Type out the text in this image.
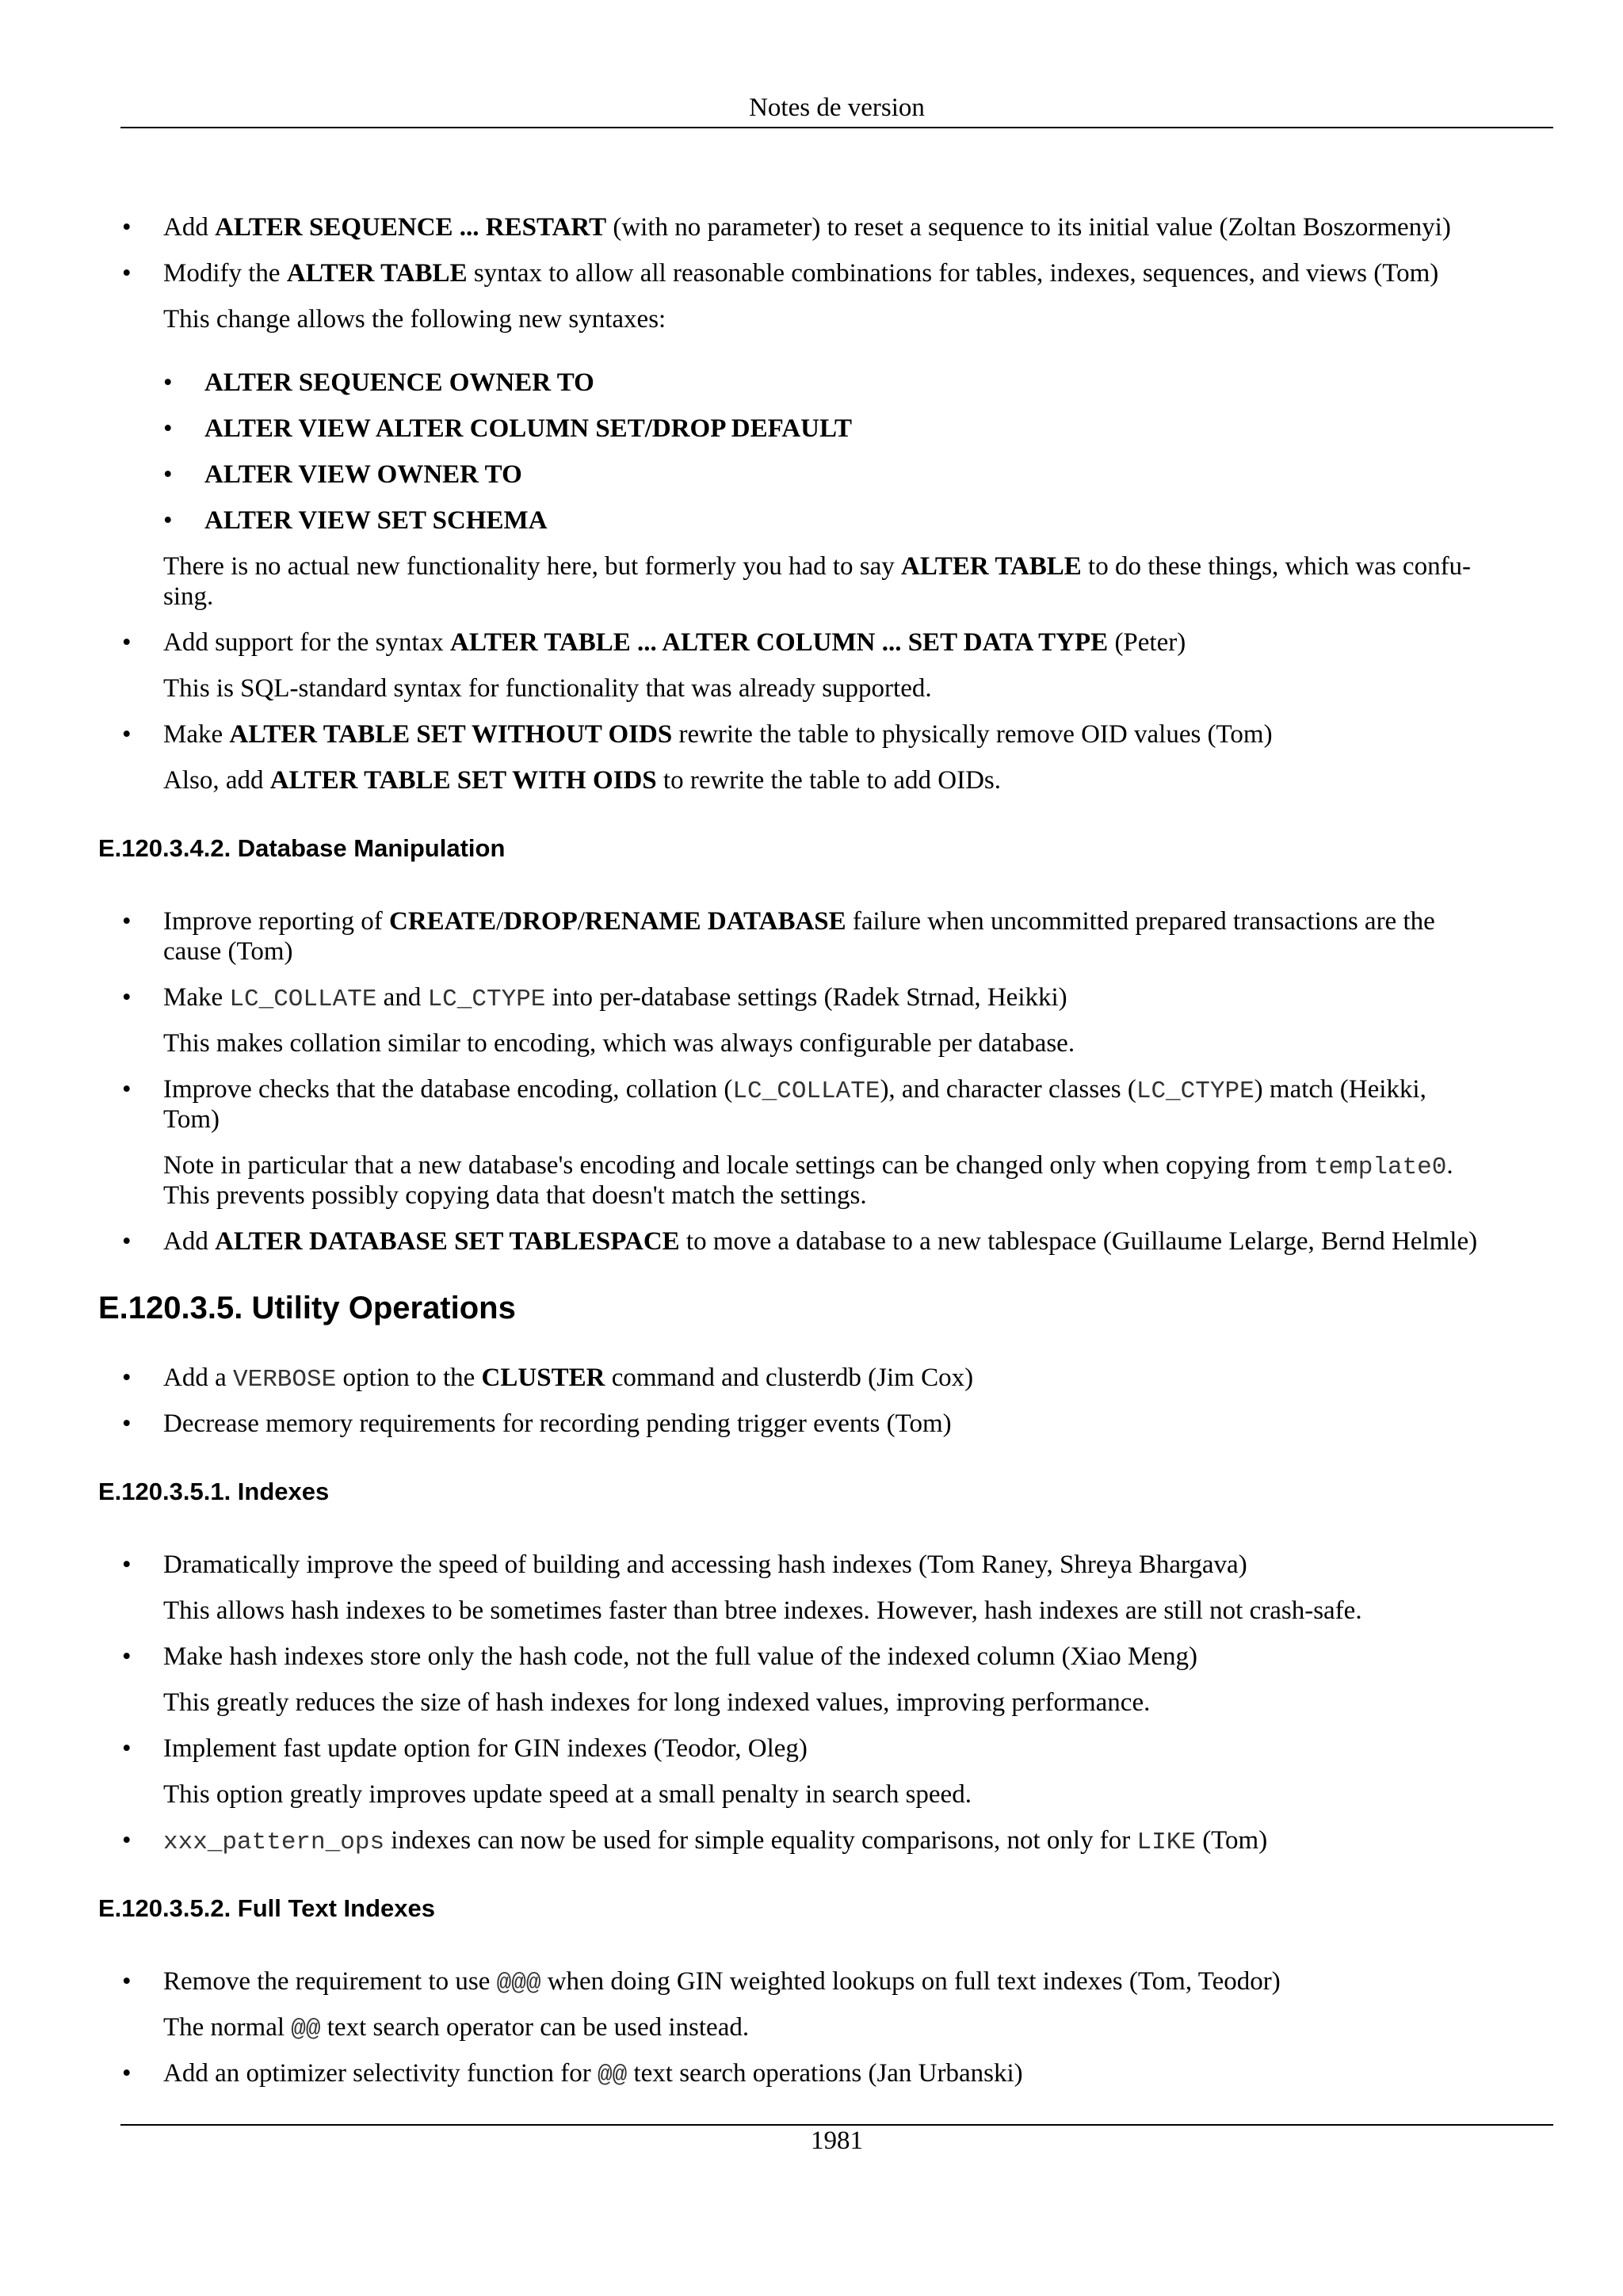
Notes de version
• Add ALTER SEQUENCE ... RESTART (with no parameter) to reset a sequence to its initial value (Zoltan Boszormenyi)
• Modify the ALTER TABLE syntax to allow all reasonable combinations for tables, indexes, sequences, and views (Tom)
This change allows the following new syntaxes:
• ALTER SEQUENCE OWNER TO
• ALTER VIEW ALTER COLUMN SET/DROP DEFAULT
• ALTER VIEW OWNER TO
• ALTER VIEW SET SCHEMA
There is no actual new functionality here, but formerly you had to say ALTER TABLE to do these things, which was confu-
sing.
• Add support for the syntax ALTER TABLE ... ALTER COLUMN ... SET DATA TYPE (Peter)
This is SQL-standard syntax for functionality that was already supported.
• Make ALTER TABLE SET WITHOUT OIDS rewrite the table to physically remove OID values (Tom)
Also, add ALTER TABLE SET WITH OIDS to rewrite the table to add OIDs.
E.120.3.4.2. Database Manipulation
• Improve reporting of CREATE/DROP/RENAME DATABASE failure when uncommitted prepared transactions are the
cause (Tom)
• Make LC_COLLATE and LC_CTYPE into per-database settings (Radek Strnad, Heikki)
This makes collation similar to encoding, which was always configurable per database.
• Improve checks that the database encoding, collation (LC_COLLATE), and character classes (LC_CTYPE) match (Heikki,
Tom)
Note in particular that a new database's encoding and locale settings can be changed only when copying from template0.
This prevents possibly copying data that doesn't match the settings.
• Add ALTER DATABASE SET TABLESPACE to move a database to a new tablespace (Guillaume Lelarge, Bernd Helmle)
E.120.3.5. Utility Operations
• Add a VERBOSE option to the CLUSTER command and clusterdb (Jim Cox)
• Decrease memory requirements for recording pending trigger events (Tom)
E.120.3.5.1. Indexes
• Dramatically improve the speed of building and accessing hash indexes (Tom Raney, Shreya Bhargava)
This allows hash indexes to be sometimes faster than btree indexes. However, hash indexes are still not crash-safe.
• Make hash indexes store only the hash code, not the full value of the indexed column (Xiao Meng)
This greatly reduces the size of hash indexes for long indexed values, improving performance.
• Implement fast update option for GIN indexes (Teodor, Oleg)
This option greatly improves update speed at a small penalty in search speed.
• xxx_pattern_ops indexes can now be used for simple equality comparisons, not only for LIKE (Tom)
E.120.3.5.2. Full Text Indexes
• Remove the requirement to use @@@ when doing GIN weighted lookups on full text indexes (Tom, Teodor)
The normal @@ text search operator can be used instead.
• Add an optimizer selectivity function for @@ text search operations (Jan Urbanski)
1981
